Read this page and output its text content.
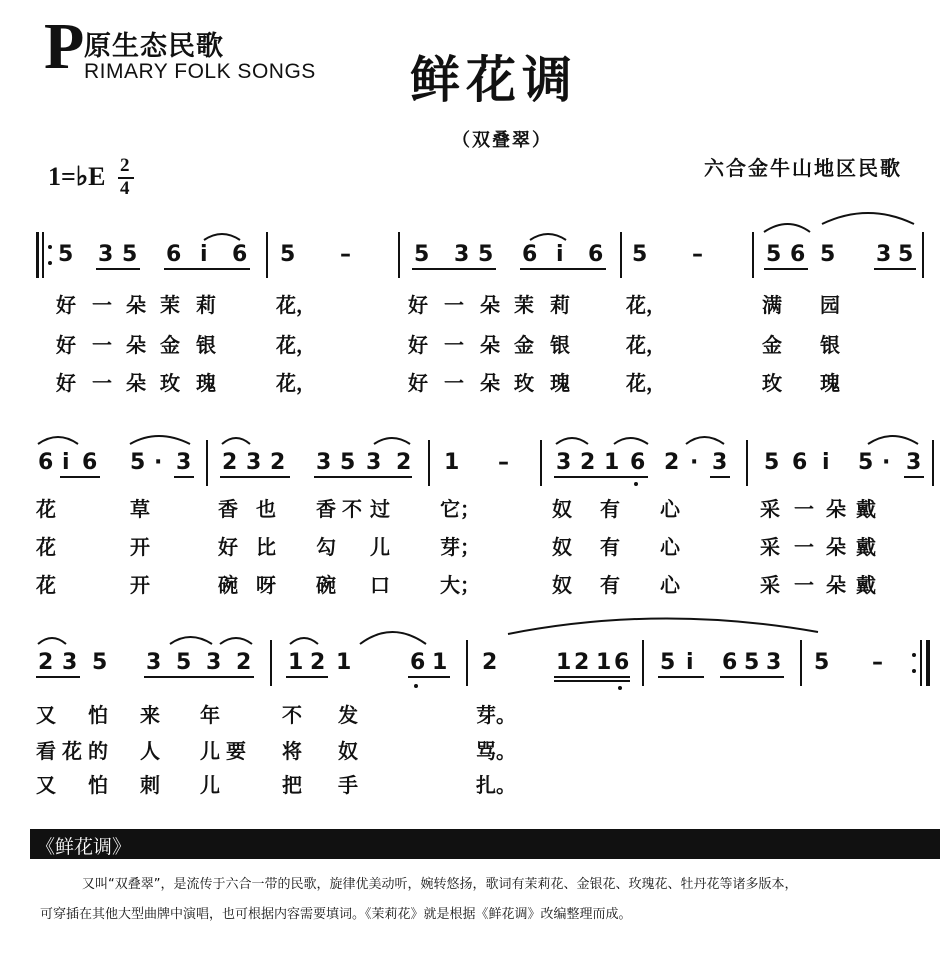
P 原生态民歌
RIMARY FOLK SONGS 鲜花调
（双叠翠）
1=♭E 2
4
六合金牛山地区民歌
5 3 5 6 i 6 5 –	5 3 5 6 i 6 5 –	5 6 5 3 5
好 一 朵 茉 莉	花，	好 一 朵 茉 莉	花，	满 园
好 一 朵 金 银	花，	好 一 朵 金 银	花，	金 银
好 一 朵 玫 瑰	花，	好 一 朵 玫 瑰	花，	玫 瑰
6 i 6 5 · 3 2 3 2 3 5 3 2 1 – 3 2 1 6 2 · 3 5 6 i 5 · 3
花	草	香 也 香 不 过	它；	奴 有 心	采 一 朵 戴
花	开	好 比 勾 儿	芽；	奴 有 心	采 一 朵 戴
花	开	碗 呀 碗 口	大；	奴 有 心	采 一 朵 戴
2 3 5 3 5 3 2 1 2 1	6 1 2	1 2 1 6 5 i 6 5 3 5 –
又 怕 来 年	不 发	芽。
看 花 的 人 儿 要 将 奴	骂。
又 怕 刺 儿	把 手	扎。
《鲜花调》
又叫“双叠翠”，是流传于六合一带的民歌，旋律优美动听，婉转悠扬，歌词有茉莉花、金银花、玫瑰花、牡丹花等诸多版本，
可穿插在其他大型曲牌中演唱，也可根据内容需要填词。《茉莉花》就是根据《鲜花调》改编整理而成。
